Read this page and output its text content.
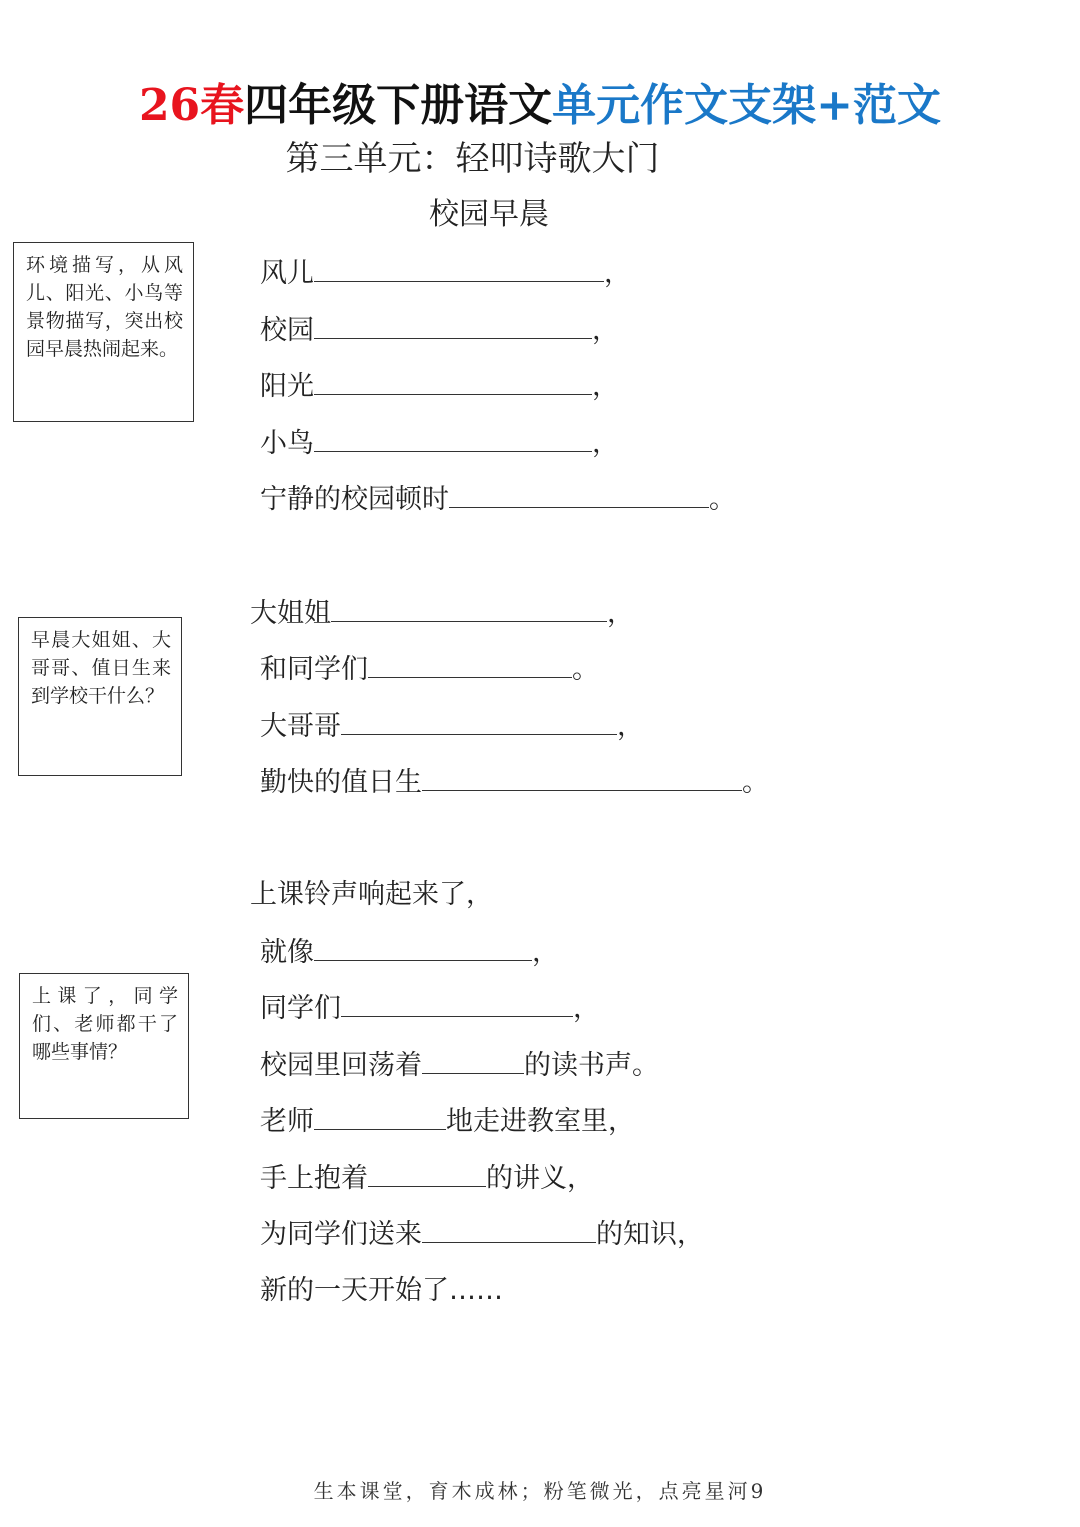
26春四年级下册语文单元作文支架+范文
第三单元：轻叩诗歌大门
校园早晨
环境描写，从风儿、阳光、小鸟等景物描写，突出校园早晨热闹起来。
早晨大姐姐、大哥哥、值日生来到学校干什么？
上课了，同学们、老师都干了哪些事情？
风儿	，
校园	，
阳光	，
小鸟	，
宁静的校园顿时	。
大姐姐	，
和同学们	。
大哥哥	，
勤快的值日生	。
上课铃声响起来了，
就像	，
同学们	，
校园里回荡着	的读书声。
老师	地走进教室里，
手上抱着	的讲义，
为同学们送来	的知识，
新的一天开始了……
生本课堂，育木成林；粉笔微光，点亮星河9
